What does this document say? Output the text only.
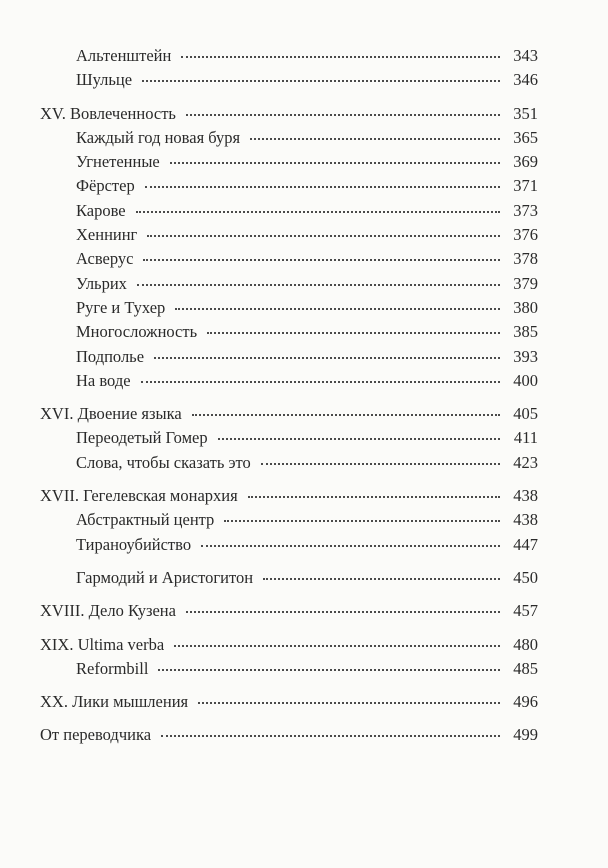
Альтенштейн	343
Шульце	346
XV. Вовлеченность	351
Каждый год новая буря	365
Угнетенные	369
Фёрстер	371
Карове	373
Хеннинг	376
Асверус	378
Ульрих	379
Руге и Тухер	380
Многосложность	385
Подполье	393
На воде	400
XVI. Двоение языка	405
Переодетый Гомер	411
Слова, чтобы сказать это	423
XVII. Гегелевская монархия	438
Абстрактный центр	438
Тираноубийство	447
Гармодий и Аристогитон	450
XVIII. Дело Кузена	457
XIX. Ultima verba	480
Reformbill	485
XX. Лики мышления	496
От переводчика	499
